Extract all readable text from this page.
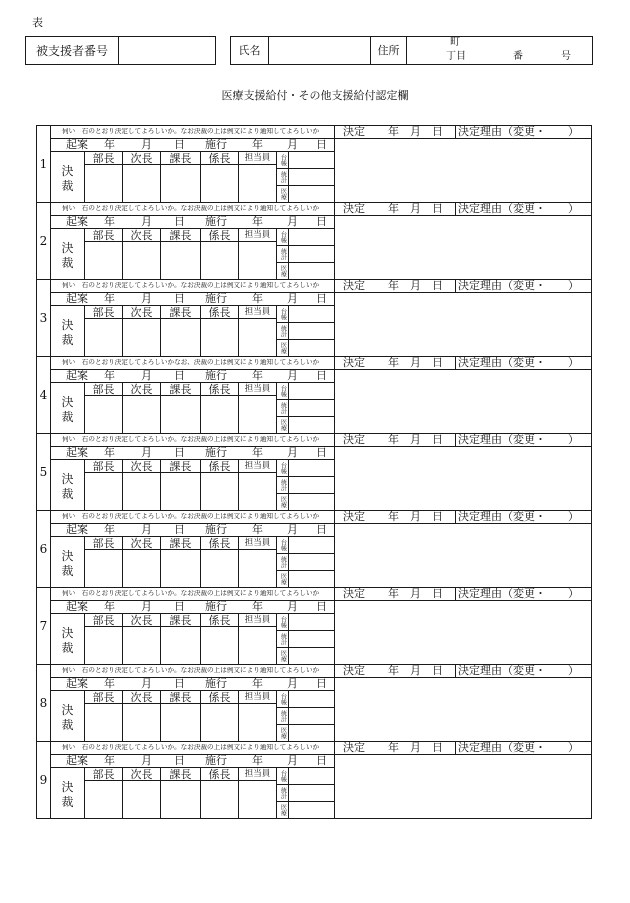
表
被支援者番号	氏名	住所
町
丁目	番	号
医療支援給付・その他支援給付認定欄
1
伺い　右のとおり決定してよろしいか。なお決裁の上は例文により通知してよろしいか	決定 年 月 日 決定理由（変更・　　）
起案 年 月 日 施行 年 月 日
決
裁
部長	次長	課長	係長	担当員	台帳
統計
医療
2
伺い　右のとおり決定してよろしいか。なお決裁の上は例文により通知してよろしいか	決定 年 月 日 決定理由（変更・　　）
起案 年 月 日 施行 年 月 日
決
裁
部長	次長	課長	係長	担当員	台帳
統計
医療
3
伺い　右のとおり決定してよろしいか。なお決裁の上は例文により通知してよろしいか	決定 年 月 日 決定理由（変更・　　）
起案 年 月 日 施行 年 月 日
決
裁
部長	次長	課長	係長	担当員	台帳
統計
医療
4
伺い　右のとおり決定してよろしいかなお、決裁の上は例文により通知してよろしいか	決定 年 月 日 決定理由（変更・　　）
起案 年 月 日 施行 年 月 日
決
裁
部長	次長	課長	係長	担当員	台帳
統計
医療
5
伺い　右のとおり決定してよろしいか。なお決裁の上は例文により通知してよろしいか	決定 年 月 日 決定理由（変更・　　）
起案 年 月 日 施行 年 月 日
決
裁
部長	次長	課長	係長	担当員	台帳
統計
医療
6
伺い　右のとおり決定してよろしいか。なお決裁の上は例文により通知してよろしいか	決定 年 月 日 決定理由（変更・　　）
起案 年 月 日 施行 年 月 日
決
裁
部長	次長	課長	係長	担当員	台帳
統計
医療
7
伺い　右のとおり決定してよろしいか。なお決裁の上は例文により通知してよろしいか	決定 年 月 日 決定理由（変更・　　）
起案 年 月 日 施行 年 月 日
決
裁
部長	次長	課長	係長	担当員	台帳
統計
医療
8
伺い　右のとおり決定してよろしいか。なお決裁の上は例文により通知してよろしいか	決定 年 月 日 決定理由（変更・　　）
起案 年 月 日 施行 年 月 日
決
裁
部長	次長	課長	係長	担当員	台帳
統計
医療
9
伺い　右のとおり決定してよろしいか。なお決裁の上は例文により通知してよろしいか	決定 年 月 日 決定理由（変更・　　）
起案 年 月 日 施行 年 月 日
決
裁
部長	次長	課長	係長	担当員	台帳
統計
医療
